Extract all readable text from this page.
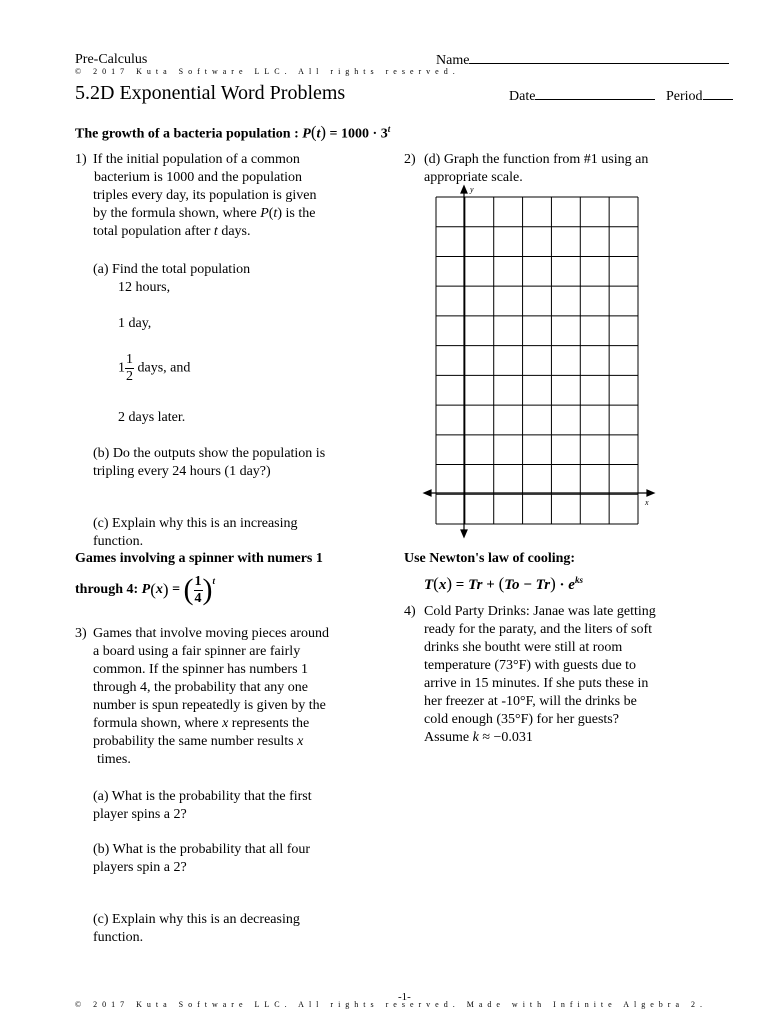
Pre-Calculus
© 2017 Kuta Software LLC. All rights reserved.
5.2D Exponential Word Problems
Name
Date	Period
The growth of a bacteria population : $P(t) = 1000 \cdot 3^t$
1) If the initial population of a common
bacterium is 1000 and the population
triples every day, its population is given
by the formula shown, where P(t) is the
total population after t days.
(a) Find the total population
12 hours,
1 day,
$1 \frac{1}{2}$ days, and
2 days later.
(b) Do the outputs show the population is
tripling every 24 hours (1 day?)
(c) Explain why this is an increasing
function.
2) (d) Graph the function from #1 using an
appropriate scale.
y
x
Games involving a spinner with numers 1
through 4:
P ( x )
=
( $\frac{1}{4} )^t$
3) Games that involve moving pieces around
a board using a fair spinner are fairly
common. If the spinner has numbers 1
through 4, the probability that any one
number is spun repeatedly is given by the
formula shown, where x represents the
probability the same number results x
times.
(a) What is the probability that the first
player spins a 2?
(b) What is the probability that all four
players spin a 2?
(c) Explain why this is an decreasing
function.
Use Newton's law of cooling:
$T(x) = Tr + (To - Tr) \cdot e^{ks}$
4) Cold Party Drinks: Janae was late getting
ready for the paraty, and the liters of soft
drinks she boutht were still at room
temperature (73°F) with guests due to
arrive in 15 minutes. If she puts these in
her freezer at -10°F, will the drinks be
cold enough (35°F) for her guests?
Assume k ≈ −0.031
© 2017 Kuta Software LLC. All rights reserved. Made with Infinite Algebra 2.
-1-
